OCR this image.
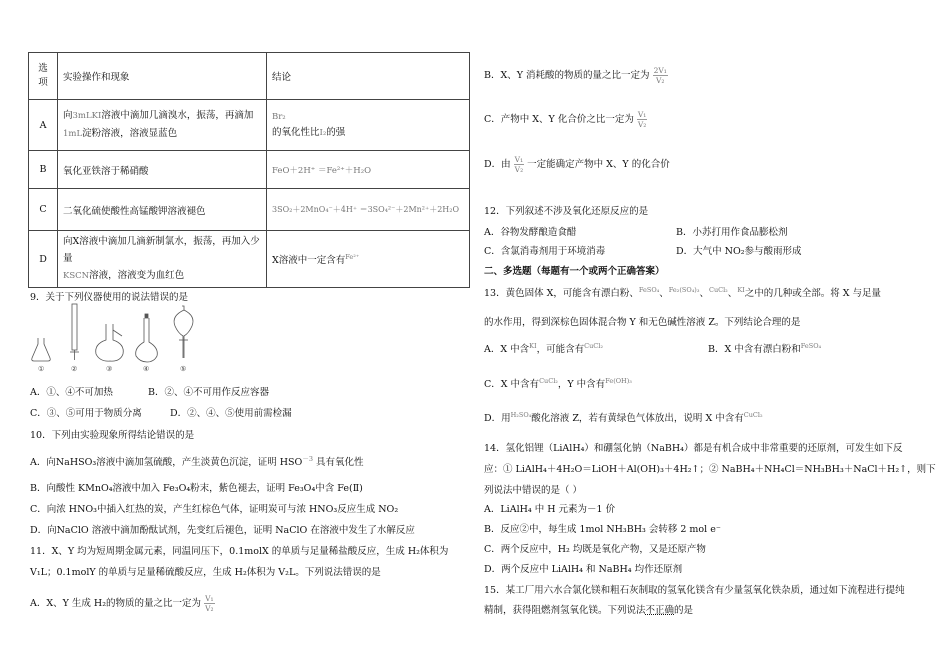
选
项	实验操作和现象	结论
A	向3mLKI溶液中滴加几滴溴水，振荡，再滴加
1mL淀粉溶液，溶液显蓝色	Br₂
的氧化性比I₂的强
B	氧化亚铁溶于稀硝酸	FeO＋2H⁺ ＝Fe²⁺＋H₂O
C	二氧化硫使酸性高锰酸钾溶液褪色	3SO₂＋2MnO₄⁻＋4H⁺ ＝3SO₄²⁻＋2Mn²⁺＋2H₂O
D	向X溶液中滴加几滴新制氯水，振荡，再加入少量
KSCN溶液，溶液变为血红色	X溶液中一定含有$^{Fe^{2+}}$
9．关于下列仪器使用的说法错误的是
①	②	③	④	⑤
A．①、④不可加热	B．②、④不可用作反应容器
C．③、⑤可用于物质分离	D．②、④、⑤使用前需检漏
10．下列由实验现象所得结论错误的是
A．向NaHSO₃溶液中滴加氢硫酸，产生淡黄色沉淀，证明 $HSO^{-3}$ 具有氧化性
B．向酸性 KMnO₄溶液中加入 Fe₃O₄粉末，紫色褪去，证明 Fe₃O₄中含 Fe(Ⅱ)
C．向浓 HNO₃中插入红热的炭，产生红棕色气体，证明炭可与浓 HNO₃反应生成 NO₂
D．向NaClO 溶液中滴加酚酞试剂，先变红后褪色，证明 NaClO 在溶液中发生了水解反应
11．X、Y 均为短周期金属元素，同温同压下，0.1molX 的单质与足量稀盐酸反应，生成 H₂体积为
V₁L；0.1molY 的单质与足量稀硫酸反应，生成 H₂体积为 V₂L。下列说法错误的是
A．X、Y 生成 H₂的物质的量之比一定为 $\frac{\text{V₁}}{\text{V₂}}$
B．X、Y 消耗酸的物质的量之比一定为 $\frac{\text{2V₁}}{\text{V₂}}$
C．产物中 X、Y 化合价之比一定为 $\frac{\text{V₁}}{\text{V₂}}$
D．由 $\frac{\text{V₁}}{\text{V₂}}$ 一定能确定产物中 X、Y 的化合价
12．下列叙述不涉及氧化还原反应的是
A．谷物发酵酿造食醋	B．小苏打用作食品膨松剂
C．含氯消毒剂用于环境消毒	D．大气中 NO₂参与酸雨形成
二、多选题（每题有一个或两个正确答案）
13．黄色固体 X，可能含有漂白粉、$^{FeSO_4}$、$^{Fe_2(SO_4)_3}$、$^{CuCl_2}$、$^{KI}$之中的几种或全部。将 X 与足量
的水作用，得到深棕色固体混合物 Y 和无色碱性溶液 Z。下列结论合理的是
A．X 中含$^{KI}$，可能含有$^{CuCl_2}$	B．X 中含有漂白粉和$^{FeSO_4}$
C．X 中含有$^{CuCl_2}$，Y 中含有$^{Fe(OH)_3}$
D．用$^{H_2SO_4}$酸化溶液 Z，若有黄绿色气体放出，说明 X 中含有$^{CuCl_2}$
14．氢化铝锂（LiAlH₄）和硼氢化钠（NaBH₄）都是有机合成中非常重要的还原剂，可发生如下反
应：① LiAlH₄＋4H₂O＝LiOH＋Al(OH)₃＋4H₂↑；② NaBH₄＋NH₄Cl＝NH₃BH₃＋NaCl＋H₂↑，则下
列说法中错误的是（ ）
A．LiAlH₄ 中 H 元素为－1 价
B．反应②中，每生成 1mol NH₃BH₃ 会转移 2 mol e⁻
C．两个反应中，H₂ 均既是氧化产物，又是还原产物
D．两个反应中 LiAlH₄ 和 NaBH₄ 均作还原剂
15．某工厂用六水合氯化镁和粗石灰制取的氢氧化镁含有少量氢氧化铁杂质，通过如下流程进行提纯
精制，获得阻燃剂氢氧化镁。下列说法不正确的是
